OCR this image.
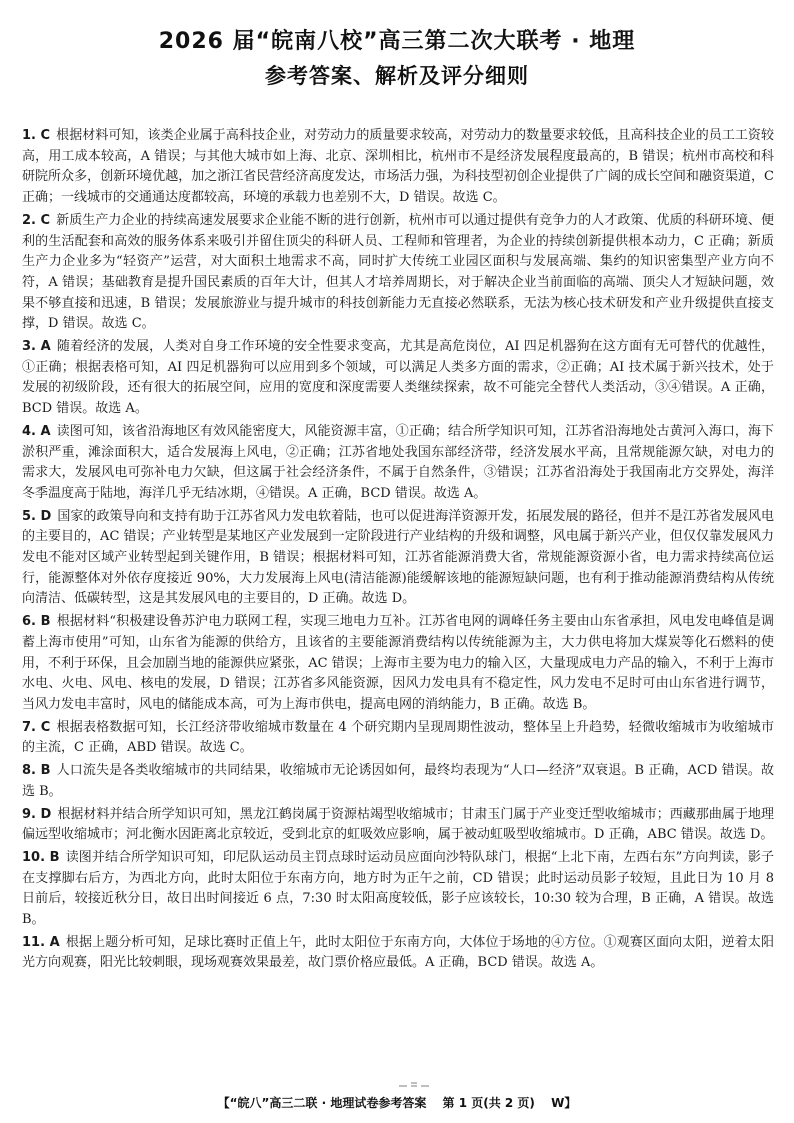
2026 届“皖南八校”高三第二次大联考 · 地理
参考答案、解析及评分细则

1. C 根据材料可知，该类企业属于高科技企业，对劳动力的质量要求较高，对劳动力的数量要求较低，且高科技企业的员工工资较高，用工成本较高，A 错误；与其他大城市如上海、北京、深圳相比，杭州市不是经济发展程度最高的，B 错误；杭州市高校和科研院所众多，创新环境优越，加之浙江省民营经济高度发达，市场活力强，为科技型初创企业提供了广阔的成长空间和融资渠道，C 正确；一线城市的交通通达度都较高，环境的承载力也差别不大，D 错误。故选 C。

2. C 新质生产力企业的持续高速发展要求企业能不断的进行创新，杭州市可以通过提供有竞争力的人才政策、优质的科研环境、便利的生活配套和高效的服务体系来吸引并留住顶尖的科研人员、工程师和管理者，为企业的持续创新提供根本动力，C 正确；新质生产力企业多为“轻资产”运营，对大面积土地需求不高，同时扩大传统工业园区面积与发展高端、集约的知识密集型产业方向不符，A 错误；基础教育是提升国民素质的百年大计，但其人才培养周期长，对于解决企业当前面临的高端、顶尖人才短缺问题，效果不够直接和迅速，B 错误；发展旅游业与提升城市的科技创新能力无直接必然联系，无法为核心技术研发和产业升级提供直接支撑，D 错误。故选 C。

3. A 随着经济的发展，人类对自身工作环境的安全性要求变高，尤其是高危岗位，AI 四足机器狗在这方面有无可替代的优越性，①正确；根据表格可知，AI 四足机器狗可以应用到多个领域，可以满足人类多方面的需求，②正确；AI 技术属于新兴技术，处于发展的初级阶段，还有很大的拓展空间，应用的宽度和深度需要人类继续探索，故不可能完全替代人类活动，③④错误。A 正确，BCD 错误。故选 A。

4. A 读图可知，该省沿海地区有效风能密度大，风能资源丰富，①正确；结合所学知识可知，江苏省沿海地处古黄河入海口，海下淤积严重，滩涂面积大，适合发展海上风电，②正确；江苏省地处我国东部经济带，经济发展水平高，且常规能源欠缺，对电力的需求大，发展风电可弥补电力欠缺，但这属于社会经济条件，不属于自然条件，③错误；江苏省沿海处于我国南北方交界处，海洋冬季温度高于陆地，海洋几乎无结冰期，④错误。A 正确，BCD 错误。故选 A。

5. D 国家的政策导向和支持有助于江苏省风力发电软着陆，也可以促进海洋资源开发，拓展发展的路径，但并不是江苏省发展风电的主要目的，AC 错误；产业转型是某地区产业发展到一定阶段进行产业结构的升级和调整，风电属于新兴产业，但仅仅靠发展风力发电不能对区域产业转型起到关键作用，B 错误；根据材料可知，江苏省能源消费大省，常规能源资源小省，电力需求持续高位运行，能源整体对外依存度接近 90%，大力发展海上风电(清洁能源)能缓解该地的能源短缺问题，也有利于推动能源消费结构从传统向清洁、低碳转型，这是其发展风电的主要目的，D 正确。故选 D。

6. B 根据材料“积极建设鲁苏沪电力联网工程，实现三地电力互补。江苏省电网的调峰任务主要由山东省承担，风电发电峰值是调蓄上海市使用”可知，山东省为能源的供给方，且该省的主要能源消费结构以传统能源为主，大力供电将加大煤炭等化石燃料的使用，不利于环保，且会加剧当地的能源供应紧张，AC 错误；上海市主要为电力的输入区，大量现成电力产品的输入，不利于上海市水电、火电、风电、核电的发展，D 错误；江苏省多风能资源，因风力发电具有不稳定性，风力发电不足时可由山东省进行调节，当风力发电丰富时，风电的储能成本高，可为上海市供电，提高电网的消纳能力，B 正确。故选 B。

7. C 根据表格数据可知，长江经济带收缩城市数量在 4 个研究期内呈现周期性波动，整体呈上升趋势，轻微收缩城市为收缩城市的主流，C 正确，ABD 错误。故选 C。

8. B 人口流失是各类收缩城市的共同结果，收缩城市无论诱因如何，最终均表现为“人口—经济”双衰退。B 正确，ACD 错误。故选 B。

9. D 根据材料并结合所学知识可知，黑龙江鹤岗属于资源枯竭型收缩城市；甘肃玉门属于产业变迁型收缩城市；西藏那曲属于地理偏远型收缩城市；河北衡水因距离北京较近，受到北京的虹吸效应影响，属于被动虹吸型收缩城市。D 正确，ABC 错误。故选 D。

10. B 读图并结合所学知识可知，印尼队运动员主罚点球时运动员应面向沙特队球门，根据“上北下南，左西右东”方向判读，影子在支撑脚右后方，为西北方向，此时太阳位于东南方向，地方时为正午之前，CD 错误；此时运动员影子较短，且此日为 10 月 8 日前后，较接近秋分日，故日出时间接近 6 点，7:30 时太阳高度较低，影子应该较长，10:30 较为合理，B 正确，A 错误。故选 B。

11. A 根据上题分析可知，足球比赛时正值上午，此时太阳位于东南方向，大体位于场地的④方位。①观赛区面向太阳，逆着太阳光方向观赛，阳光比较刺眼，现场观赛效果最差，故门票价格应最低。A 正确，BCD 错误。故选 A。

【“皖八”高三二联 · 地理试卷参考答案 第 1 页(共 2 页) W】
